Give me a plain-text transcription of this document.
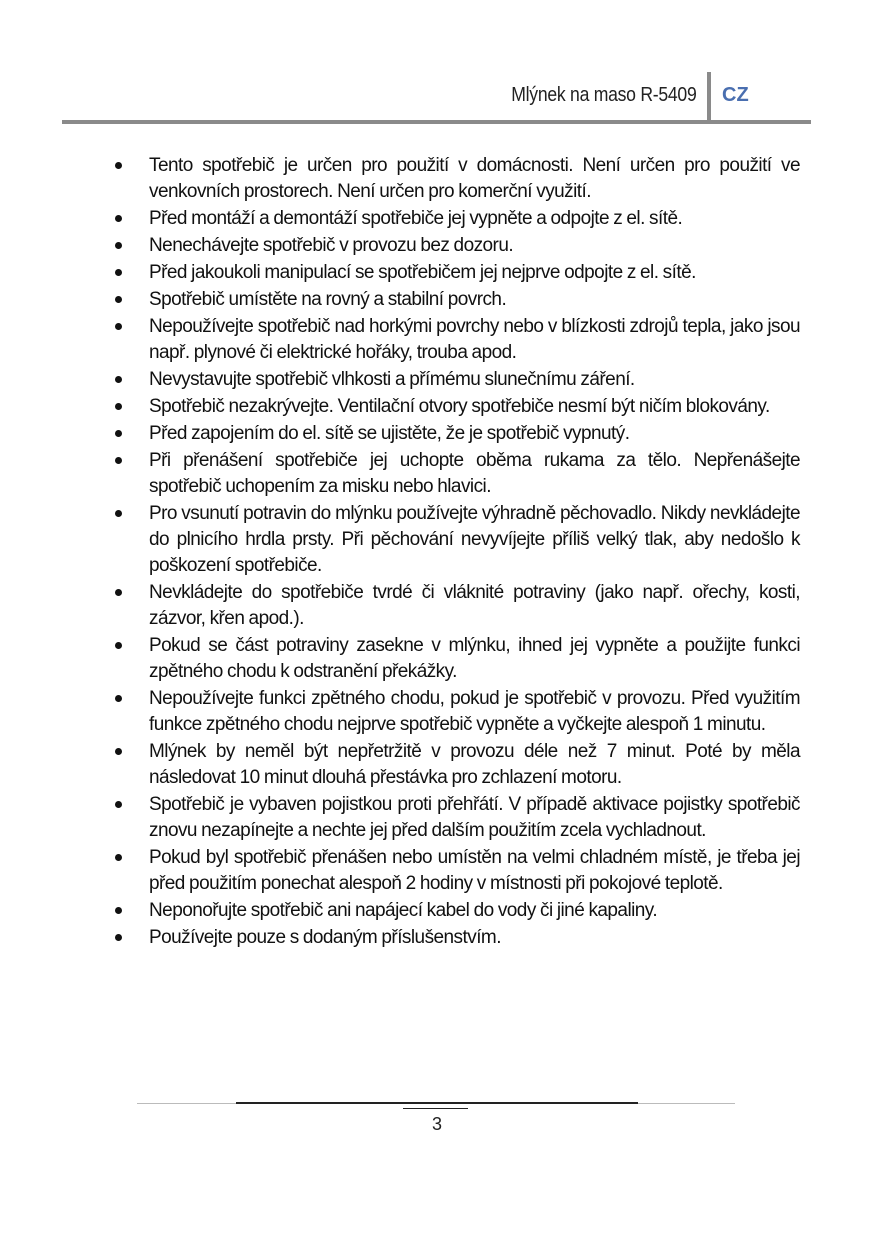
Mlýnek na maso R-5409 CZ
Tento spotřebič je určen pro použití v domácnosti. Není určen pro použití ve venkovních prostorech. Není určen pro komerční využití.
Před montáží a demontáží spotřebiče jej vypněte a odpojte z el. sítě.
Nenechávejte spotřebič v provozu bez dozoru.
Před jakoukoli manipulací se spotřebičem jej nejprve odpojte z el. sítě.
Spotřebič umístěte na rovný a stabilní povrch.
Nepoužívejte spotřebič nad horkými povrchy nebo v blízkosti zdrojů tepla, jako jsou např. plynové či elektrické hořáky, trouba apod.
Nevystavujte spotřebič vlhkosti a přímému slunečnímu záření.
Spotřebič nezakrývejte. Ventilační otvory spotřebiče nesmí být ničím blokovány.
Před zapojením do el. sítě se ujistěte, že je spotřebič vypnutý.
Při přenášení spotřebiče jej uchopte oběma rukama za tělo. Nepřenášejte spotřebič uchopením za misku nebo hlavici.
Pro vsunutí potravin do mlýnku používejte výhradně pěchovadlo. Nikdy nevkládejte do plnicího hrdla prsty. Při pěchování nevyvíjejte příliš velký tlak, aby nedošlo k poškození spotřebiče.
Nevkládejte do spotřebiče tvrdé či vláknité potraviny (jako např. ořechy, kosti, zázvor, křen apod.).
Pokud se část potraviny zasekne v mlýnku, ihned jej vypněte a použijte funkci zpětného chodu k odstranění překážky.
Nepoužívejte funkci zpětného chodu, pokud je spotřebič v provozu. Před využitím funkce zpětného chodu nejprve spotřebič vypněte a vyčkejte alespoň 1 minutu.
Mlýnek by neměl být nepřetržitě v provozu déle než 7 minut. Poté by měla následovat 10 minut dlouhá přestávka pro zchlazení motoru.
Spotřebič je vybaven pojistkou proti přehřátí. V případě aktivace pojistky spotřebič znovu nezapínejte a nechte jej před dalším použitím zcela vychladnout.
Pokud byl spotřebič přenášen nebo umístěn na velmi chladném místě, je třeba jej před použitím ponechat alespoň 2 hodiny v místnosti při pokojové teplotě.
Neponořujte spotřebič ani napájecí kabel do vody či jiné kapaliny.
Používejte pouze s dodaným příslušenstvím.
3
